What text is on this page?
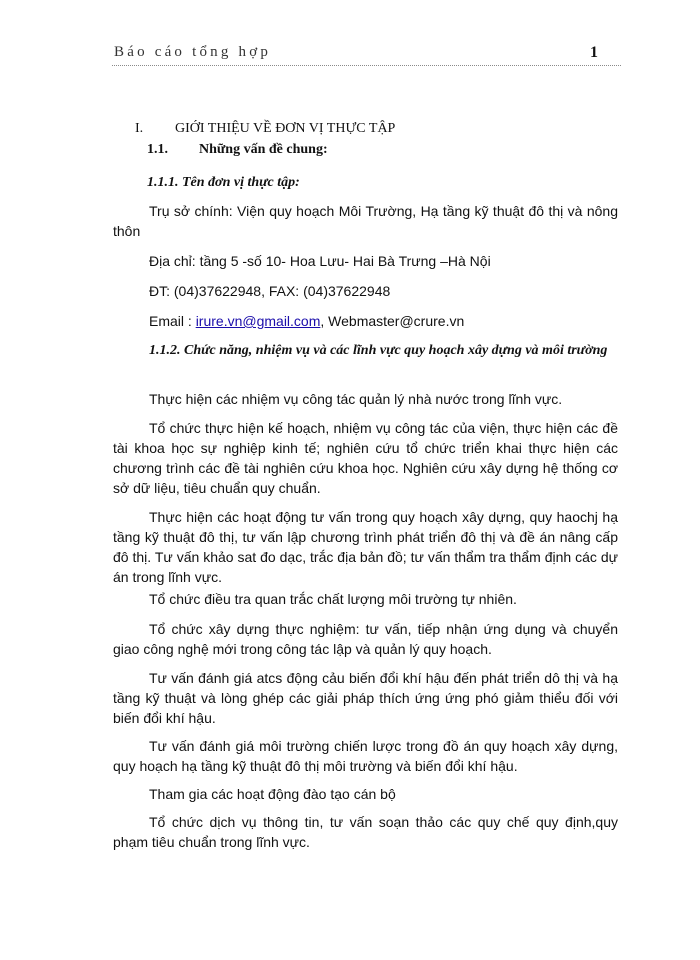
Báo cáo tổng hợp	1
I. GIỚI THIỆU VỀ ĐƠN VỊ THỰC TẬP
1.1. Những vấn đề chung:
1.1.1. Tên đơn vị thực tập:
Trụ sở chính: Viện quy hoạch Môi Trường, Hạ tầng kỹ thuật đô thị và nông thôn
Địa chỉ: tầng 5 -số 10- Hoa Lưu- Hai Bà Trưng –Hà Nội
ĐT: (04)37622948, FAX: (04)37622948
Email : irure.vn@gmail.com, Webmaster@crure.vn
1.1.2. Chức năng, nhiệm vụ và các lĩnh vực quy hoạch xây dựng và môi trường
Thực hiện các nhiệm vụ công tác quản lý nhà nước trong lĩnh vực.
Tổ chức thực hiện kế hoạch, nhiệm vụ công tác của viện, thực hiện các đề tài khoa học sự nghiệp kinh tế; nghiên cứu tổ chức triển khai thực hiện các chương trình các đề tài nghiên cứu khoa học. Nghiên cứu xây dựng hệ thống cơ sở dữ liệu, tiêu chuẩn quy chuẩn.
Thực hiện các hoạt động tư vấn trong quy hoạch xây dựng, quy haochj hạ tầng kỹ thuật đô thị, tư vấn lập chương trình phát triển đô thị và đề án nâng cấp đô thị. Tư vấn khảo sat đo dạc, trắc địa bản đồ; tư vấn thẩm tra thẩm định các dự án trong lĩnh vực.
Tổ chức điều tra quan trắc chất lượng môi trường tự nhiên.
Tổ chức xây dựng thực nghiệm: tư vấn, tiếp nhận ứng dụng và chuyển giao công nghệ mới trong công tác lập và quản lý quy hoạch.
Tư vấn đánh giá atcs động cảu biến đổi khí hậu đến phát triển dô thị và hạ tầng kỹ thuật và lòng ghép các giải pháp thích ứng ứng phó giảm thiểu đối với biến đổi khí hậu.
Tư vấn đánh giá môi trường chiến lược trong đồ án quy hoạch xây dựng, quy hoạch hạ tầng kỹ thuật đô thị môi trường và biến đổi khí hậu.
Tham gia các hoạt động đào tạo cán bộ
Tổ chức dịch vụ thông tin, tư vấn soạn thảo các quy chế quy định,quy phạm tiêu chuẩn trong lĩnh vực.
